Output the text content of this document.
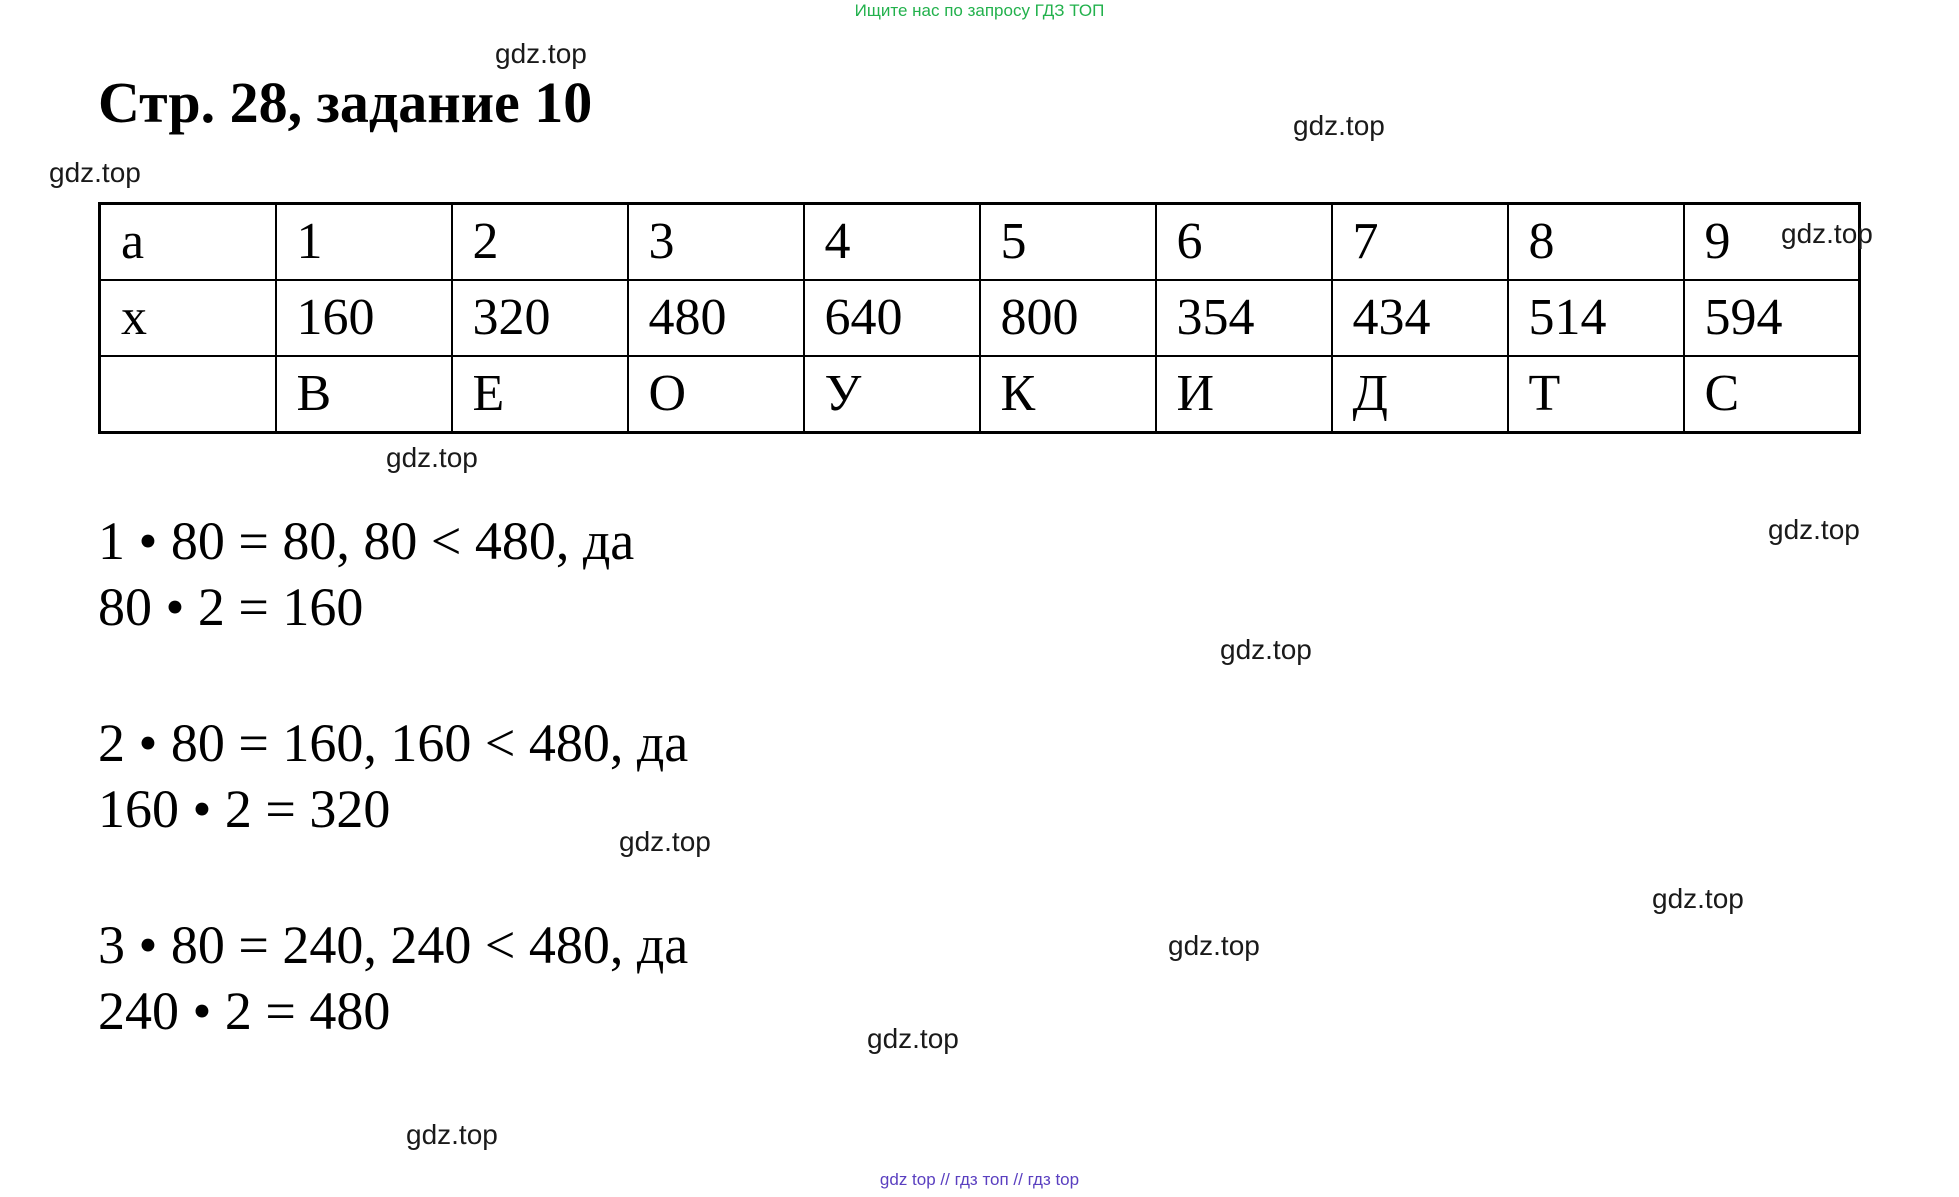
Ищите нас по запросу ГДЗ ТОП
Стр. 28, задание 10
а	1	2	3	4	5	6	7	8	9
х	160	320	480	640	800	354	434	514	594
	В	Е	О	У	К	И	Д	Т	С
1 • 80 = 80, 80 < 480, да
80 • 2 = 160
2 • 80 = 160, 160 < 480, да
160 • 2 = 320
3 • 80 = 240, 240 < 480, да
240 • 2 = 480
gdz.top
gdz.top
gdz.top
gdz.top
gdz.top
gdz.top
gdz.top
gdz.top
gdz.top
gdz.top
gdz.top
gdz.top
gdz top // гдз топ // гдз top
